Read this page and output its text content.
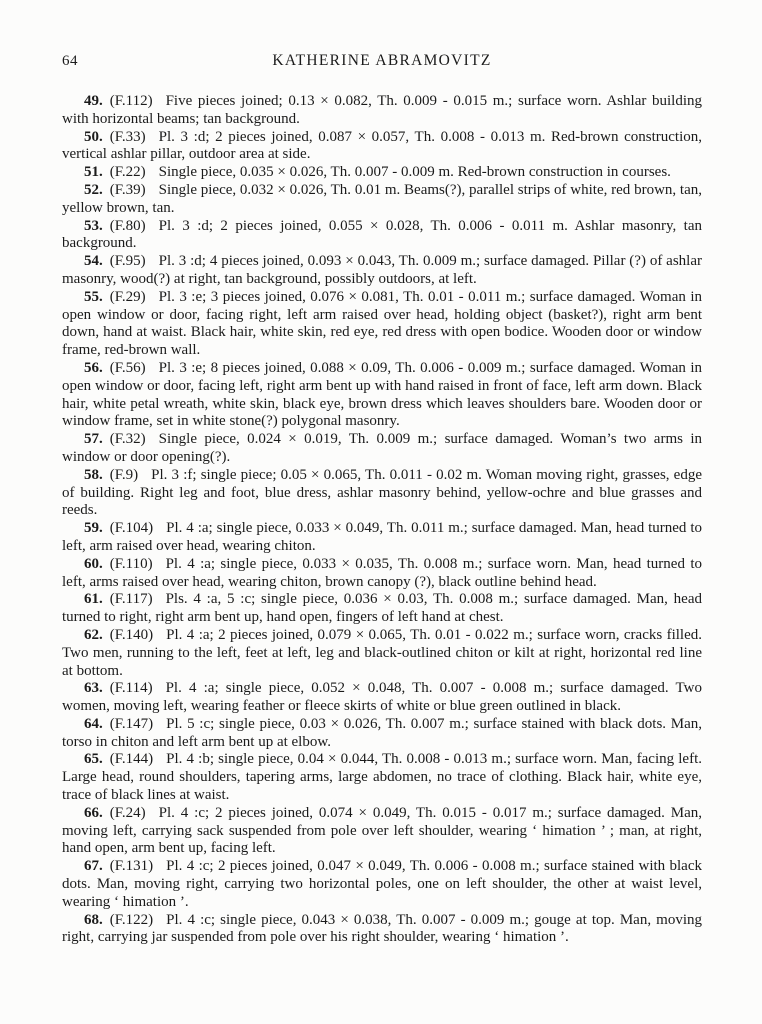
64	KATHERINE ABRAMOVITZ

49. (F.112) Five pieces joined; 0.13 × 0.082, Th. 0.009 - 0.015 m.; surface worn. Ashlar building with horizontal beams; tan background.

50. (F.33) Pl. 3 :d; 2 pieces joined, 0.087 × 0.057, Th. 0.008 - 0.013 m. Red-brown construction, vertical ashlar pillar, outdoor area at side.

51. (F.22) Single piece, 0.035 × 0.026, Th. 0.007 - 0.009 m. Red-brown construction in courses.

52. (F.39) Single piece, 0.032 × 0.026, Th. 0.01 m. Beams(?), parallel strips of white, red brown, tan, yellow brown, tan.

53. (F.80) Pl. 3 :d; 2 pieces joined, 0.055 × 0.028, Th. 0.006 - 0.011 m. Ashlar masonry, tan background.

54. (F.95) Pl. 3 :d; 4 pieces joined, 0.093 × 0.043, Th. 0.009 m.; surface damaged. Pillar (?) of ashlar masonry, wood(?) at right, tan background, possibly outdoors, at left.

55. (F.29) Pl. 3 :e; 3 pieces joined, 0.076 × 0.081, Th. 0.01 - 0.011 m.; surface damaged. Woman in open window or door, facing right, left arm raised over head, holding object (basket?), right arm bent down, hand at waist. Black hair, white skin, red eye, red dress with open bodice. Wooden door or window frame, red-brown wall.

56. (F.56) Pl. 3 :e; 8 pieces joined, 0.088 × 0.09, Th. 0.006 - 0.009 m.; surface damaged. Woman in open window or door, facing left, right arm bent up with hand raised in front of face, left arm down. Black hair, white petal wreath, white skin, black eye, brown dress which leaves shoulders bare. Wooden door or window frame, set in white stone(?) polygonal masonry.

57. (F.32) Single piece, 0.024 × 0.019, Th. 0.009 m.; surface damaged. Woman’s two arms in window or door opening(?).

58. (F.9) Pl. 3 :f; single piece; 0.05 × 0.065, Th. 0.011 - 0.02 m. Woman moving right, grasses, edge of building. Right leg and foot, blue dress, ashlar masonry behind, yellow-ochre and blue grasses and reeds.

59. (F.104) Pl. 4 :a; single piece, 0.033 × 0.049, Th. 0.011 m.; surface damaged. Man, head turned to left, arm raised over head, wearing chiton.

60. (F.110) Pl. 4 :a; single piece, 0.033 × 0.035, Th. 0.008 m.; surface worn. Man, head turned to left, arms raised over head, wearing chiton, brown canopy (?), black outline behind head.

61. (F.117) Pls. 4 :a, 5 :c; single piece, 0.036 × 0.03, Th. 0.008 m.; surface damaged. Man, head turned to right, right arm bent up, hand open, fingers of left hand at chest.

62. (F.140) Pl. 4 :a; 2 pieces joined, 0.079 × 0.065, Th. 0.01 - 0.022 m.; surface worn, cracks filled. Two men, running to the left, feet at left, leg and black-outlined chiton or kilt at right, horizontal red line at bottom.

63. (F.114) Pl. 4 :a; single piece, 0.052 × 0.048, Th. 0.007 - 0.008 m.; surface damaged. Two women, moving left, wearing feather or fleece skirts of white or blue green outlined in black.

64. (F.147) Pl. 5 :c; single piece, 0.03 × 0.026, Th. 0.007 m.; surface stained with black dots. Man, torso in chiton and left arm bent up at elbow.

65. (F.144) Pl. 4 :b; single piece, 0.04 × 0.044, Th. 0.008 - 0.013 m.; surface worn. Man, facing left. Large head, round shoulders, tapering arms, large abdomen, no trace of clothing. Black hair, white eye, trace of black lines at waist.

66. (F.24) Pl. 4 :c; 2 pieces joined, 0.074 × 0.049, Th. 0.015 - 0.017 m.; surface damaged. Man, moving left, carrying sack suspended from pole over left shoulder, wearing ‘ himation ’ ; man, at right, hand open, arm bent up, facing left.

67. (F.131) Pl. 4 :c; 2 pieces joined, 0.047 × 0.049, Th. 0.006 - 0.008 m.; surface stained with black dots. Man, moving right, carrying two horizontal poles, one on left shoulder, the other at waist level, wearing ‘ himation ’.

68. (F.122) Pl. 4 :c; single piece, 0.043 × 0.038, Th. 0.007 - 0.009 m.; gouge at top. Man, moving right, carrying jar suspended from pole over his right shoulder, wearing ‘ himation ’.
